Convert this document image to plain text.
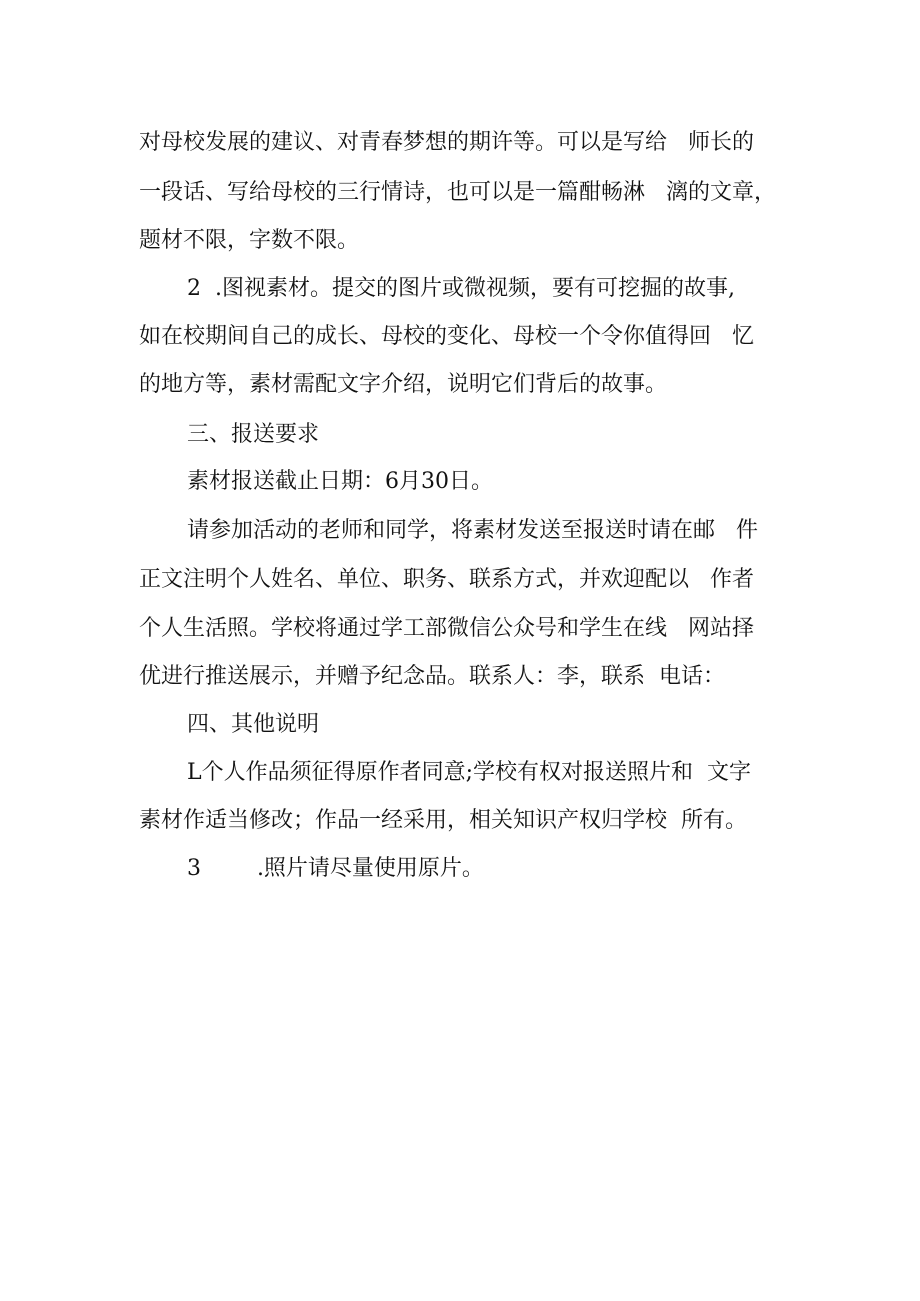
对母校发展的建议、对青春梦想的期许等。可以是写给   师长的
一段话、写给母校的三行情诗，也可以是一篇酣畅淋   漓的文章，
题材不限，字数不限。
2  .图视素材。提交的图片或微视频，要有可挖掘的故事,
如在校期间自己的成长、母校的变化、母校一个令你值得回   忆
的地方等，素材需配文字介绍，说明它们背后的故事。
三、报送要求
素材报送截止日期：6月30日。
请参加活动的老师和同学，将素材发送至报送时请在邮   件
正文注明个人姓名、单位、职务、联系方式，并欢迎配以   作者
个人生活照。学校将通过学工部微信公众号和学生在线   网站择
优进行推送展示，并赠予纪念品。联系人：李，联系  电话：
四、其他说明
L个人作品须征得原作者同意;学校有权对报送照片和  文字
素材作适当修改；作品一经采用，相关知识产权归学校  所有。
3        .照片请尽量使用原片。
